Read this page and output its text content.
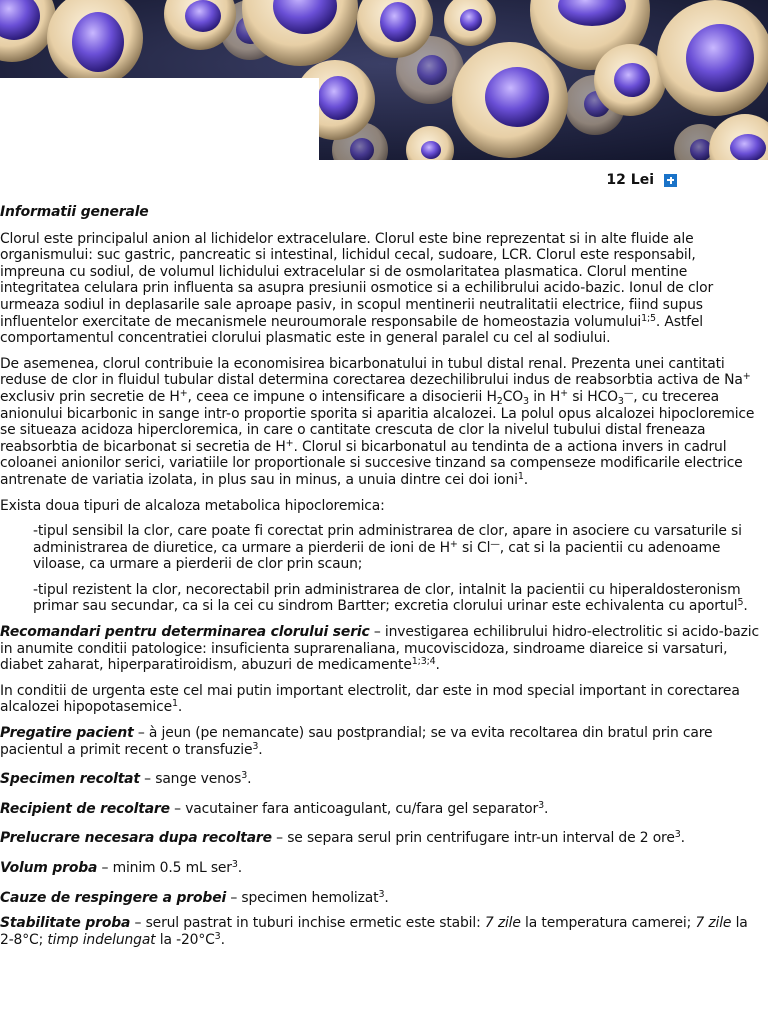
12 Lei

Informatii generale

Clorul este principalul anion al lichidelor extracelulare. Clorul este bine reprezentat si in alte fluide ale organismului: suc gastric, pancreatic si intestinal, lichidul cecal, sudoare, LCR. Clorul este responsabil, impreuna cu sodiul, de volumul lichidului extracelular si de osmolaritatea plasmatica. Clorul mentine integritatea celulara prin influenta sa asupra presiunii osmotice si a echilibrului acido-bazic. Ionul de clor urmeaza sodiul in deplasarile sale aproape pasiv, in scopul mentinerii neutralitatii electrice, fiind supus influentelor exercitate de mecanismele neuroumorale responsabile de homeostazia volumului$^{1;5}$. Astfel comportamentul concentratiei clorului plasmatic este in general paralel cu cel al sodiului.

De asemenea, clorul contribuie la economisirea bicarbonatului in tubul distal renal. Prezenta unei cantitati reduse de clor in fluidul tubular distal determina corectarea dezechilibrului indus de reabsorbtia activa de Na+ exclusiv prin secretie de H+, ceea ce impune o intensificare a disocierii $H_2CO_3$ in H+ si $HCO_3^—$, cu trecerea anionului bicarbonic in sange intr-o proportie sporita si aparitia alcalozei. La polul opus alcalozei hipocloremice se situeaza acidoza hipercloremica, in care o cantitate crescuta de clor la nivelul tubului distal freneaza reabsorbtia de bicarbonat si secretia de H+. Clorul si bicarbonatul au tendinta de a actiona invers in cadrul coloanei anionilor serici, variatiile lor proportionale si succesive tinzand sa compenseze modificarile electrice antrenate de variatia izolata, in plus sau in minus, a unuia dintre cei doi ioni$^1$.

Exista doua tipuri de alcaloza metabolica hipocloremica:

-tipul sensibil la clor, care poate fi corectat prin administrarea de clor, apare in asociere cu varsaturile si administrarea de diuretice, ca urmare a pierderii de ioni de H+ si Cl—, cat si la pacientii cu adenoame viloase, ca urmare a pierderii de clor prin scaun;

-tipul rezistent la clor, necorectabil prin administrarea de clor, intalnit la pacientii cu hiperaldosteronism primar sau secundar, ca si la cei cu sindrom Bartter; excretia clorului urinar este echivalenta cu aportul$^5$.

Recomandari pentru determinarea clorului seric – investigarea echilibrului hidro-electrolitic si acido-bazic in anumite conditii patologice: insuficienta suprarenaliana, mucoviscidoza, sindroame diareice si varsaturi, diabet zaharat, hiperparatiroidism, abuzuri de medicamente$^{1;3;4}$.

In conditii de urgenta este cel mai putin important electrolit, dar este in mod special important in corectarea alcalozei hipopotasemice$^1$.

Pregatire pacient – à jeun (pe nemancate) sau postprandial; se va evita recoltarea din bratul prin care pacientul a primit recent o transfuzie$^3$.

Specimen recoltat – sange venos$^3$.

Recipient de recoltare – vacutainer fara anticoagulant, cu/fara gel separator$^3$.

Prelucrare necesara dupa recoltare – se separa serul prin centrifugare intr-un interval de 2 ore$^3$.

Volum proba – minim 0.5 mL ser$^3$.

Cauze de respingere a probei – specimen hemolizat$^3$.

Stabilitate proba – serul pastrat in tuburi inchise ermetic este stabil: 7 zile la temperatura camerei; 7 zile la 2-8°C; timp indelungat la $-20^\circ C^3$.
